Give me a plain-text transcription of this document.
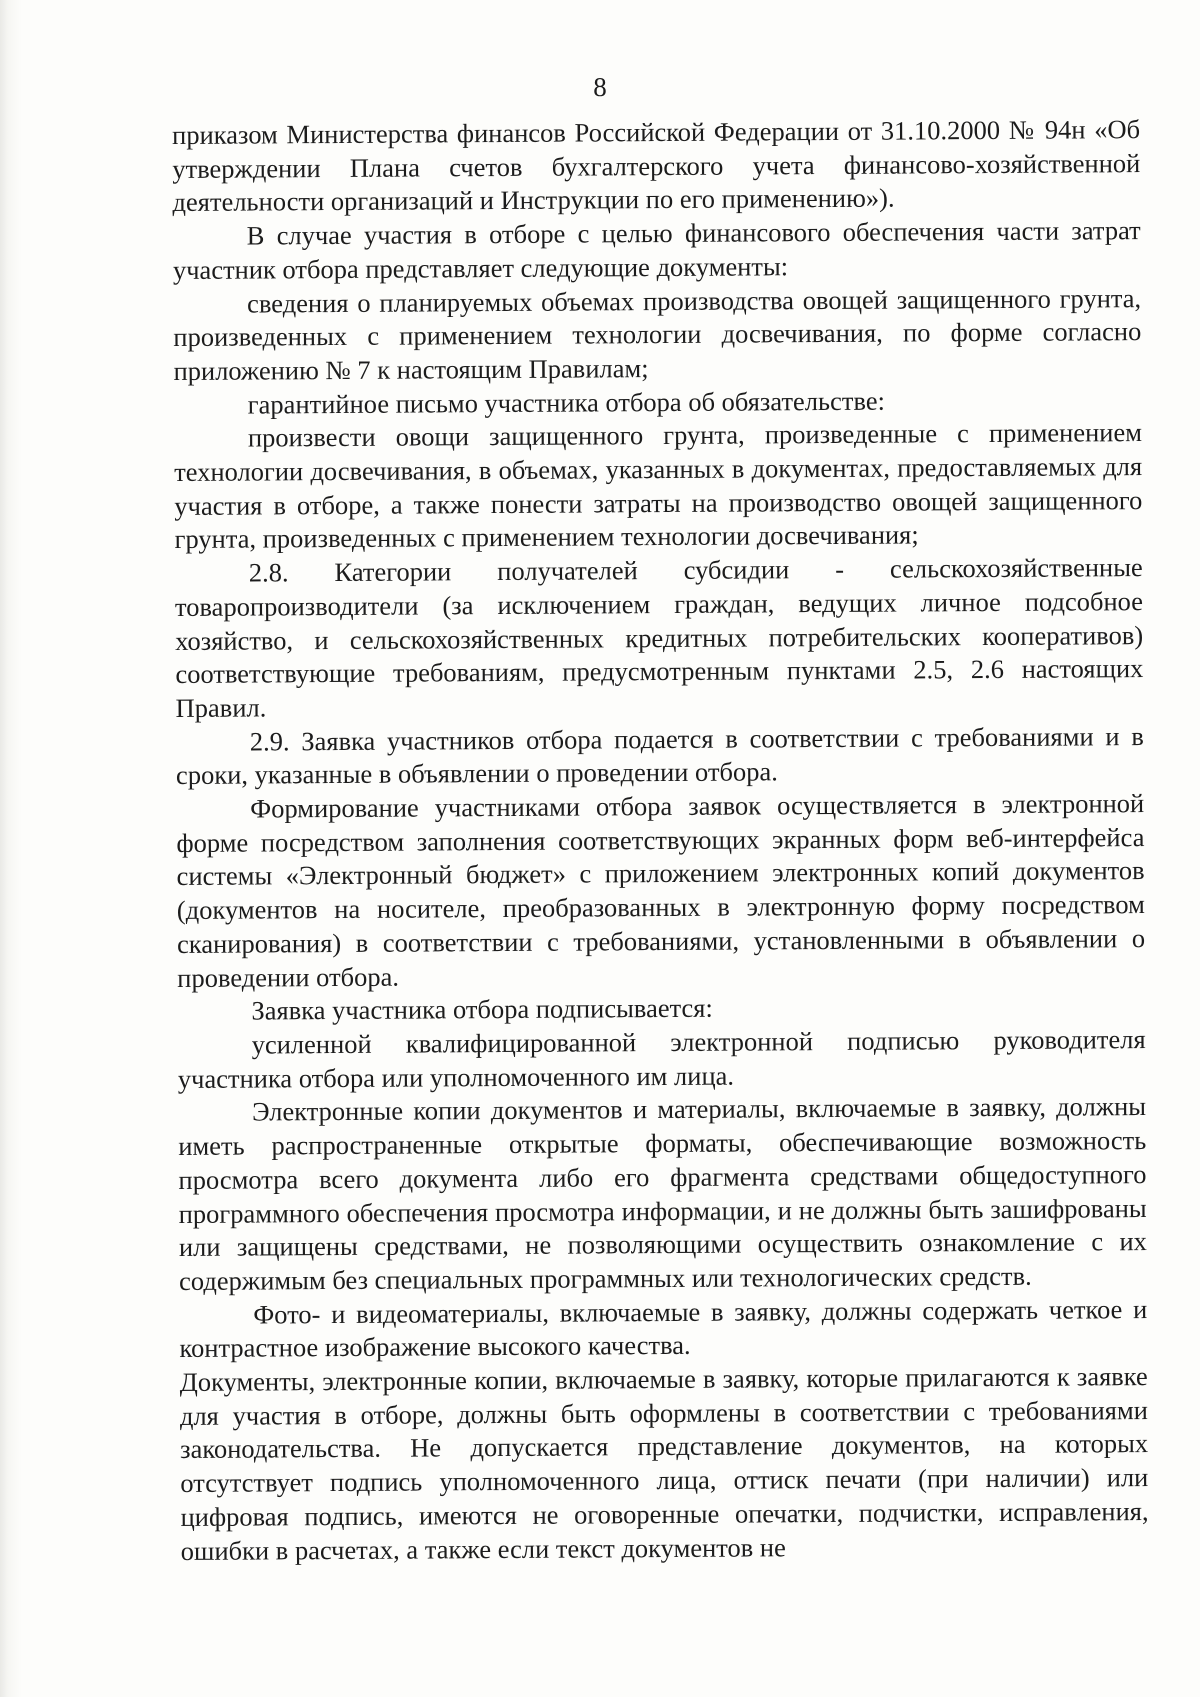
8

приказом Министерства финансов Российской Федерации от 31.10.2000 № 94н «Об утверждении Плана счетов бухгалтерского учета финансово-хозяйственной деятельности организаций и Инструкции по его применению»).

В случае участия в отборе с целью финансового обеспечения части затрат участник отбора представляет следующие документы:

сведения о планируемых объемах производства овощей защищенного грунта, произведенных с применением технологии досвечивания, по форме согласно приложению № 7 к настоящим Правилам;

гарантийное письмо участника отбора об обязательстве:

произвести овощи защищенного грунта, произведенные с применением технологии досвечивания, в объемах, указанных в документах, предоставляемых для участия в отборе, а также понести затраты на производство овощей защищенного грунта, произведенных с применением технологии досвечивания;

2.8. Категории получателей субсидии - сельскохозяйственные товаропроизводители (за исключением граждан, ведущих личное подсобное хозяйство, и сельскохозяйственных кредитных потребительских кооперативов) соответствующие требованиям, предусмотренным пунктами 2.5, 2.6 настоящих Правил.

2.9. Заявка участников отбора подается в соответствии с требованиями и в сроки, указанные в объявлении о проведении отбора.

Формирование участниками отбора заявок осуществляется в электронной форме посредством заполнения соответствующих экранных форм веб-интерфейса системы «Электронный бюджет» с приложением электронных копий документов (документов на носителе, преобразованных в электронную форму посредством сканирования) в соответствии с требованиями, установленными в объявлении о проведении отбора.

Заявка участника отбора подписывается:

усиленной квалифицированной электронной подписью руководителя участника отбора или уполномоченного им лица.

Электронные копии документов и материалы, включаемые в заявку, должны иметь распространенные открытые форматы, обеспечивающие возможность просмотра всего документа либо его фрагмента средствами общедоступного программного обеспечения просмотра информации, и не должны быть зашифрованы или защищены средствами, не позволяющими осуществить ознакомление с их содержимым без специальных программных или технологических средств.

Фото- и видеоматериалы, включаемые в заявку, должны содержать четкое и контрастное изображение высокого качества.

Документы, электронные копии, включаемые в заявку, которые прилагаются к заявке для участия в отборе, должны быть оформлены в соответствии с требованиями законодательства. Не допускается представление документов, на которых отсутствует подпись уполномоченного лица, оттиск печати (при наличии) или цифровая подпись, имеются не оговоренные опечатки, подчистки, исправления, ошибки в расчетах, а также если текст документов не
